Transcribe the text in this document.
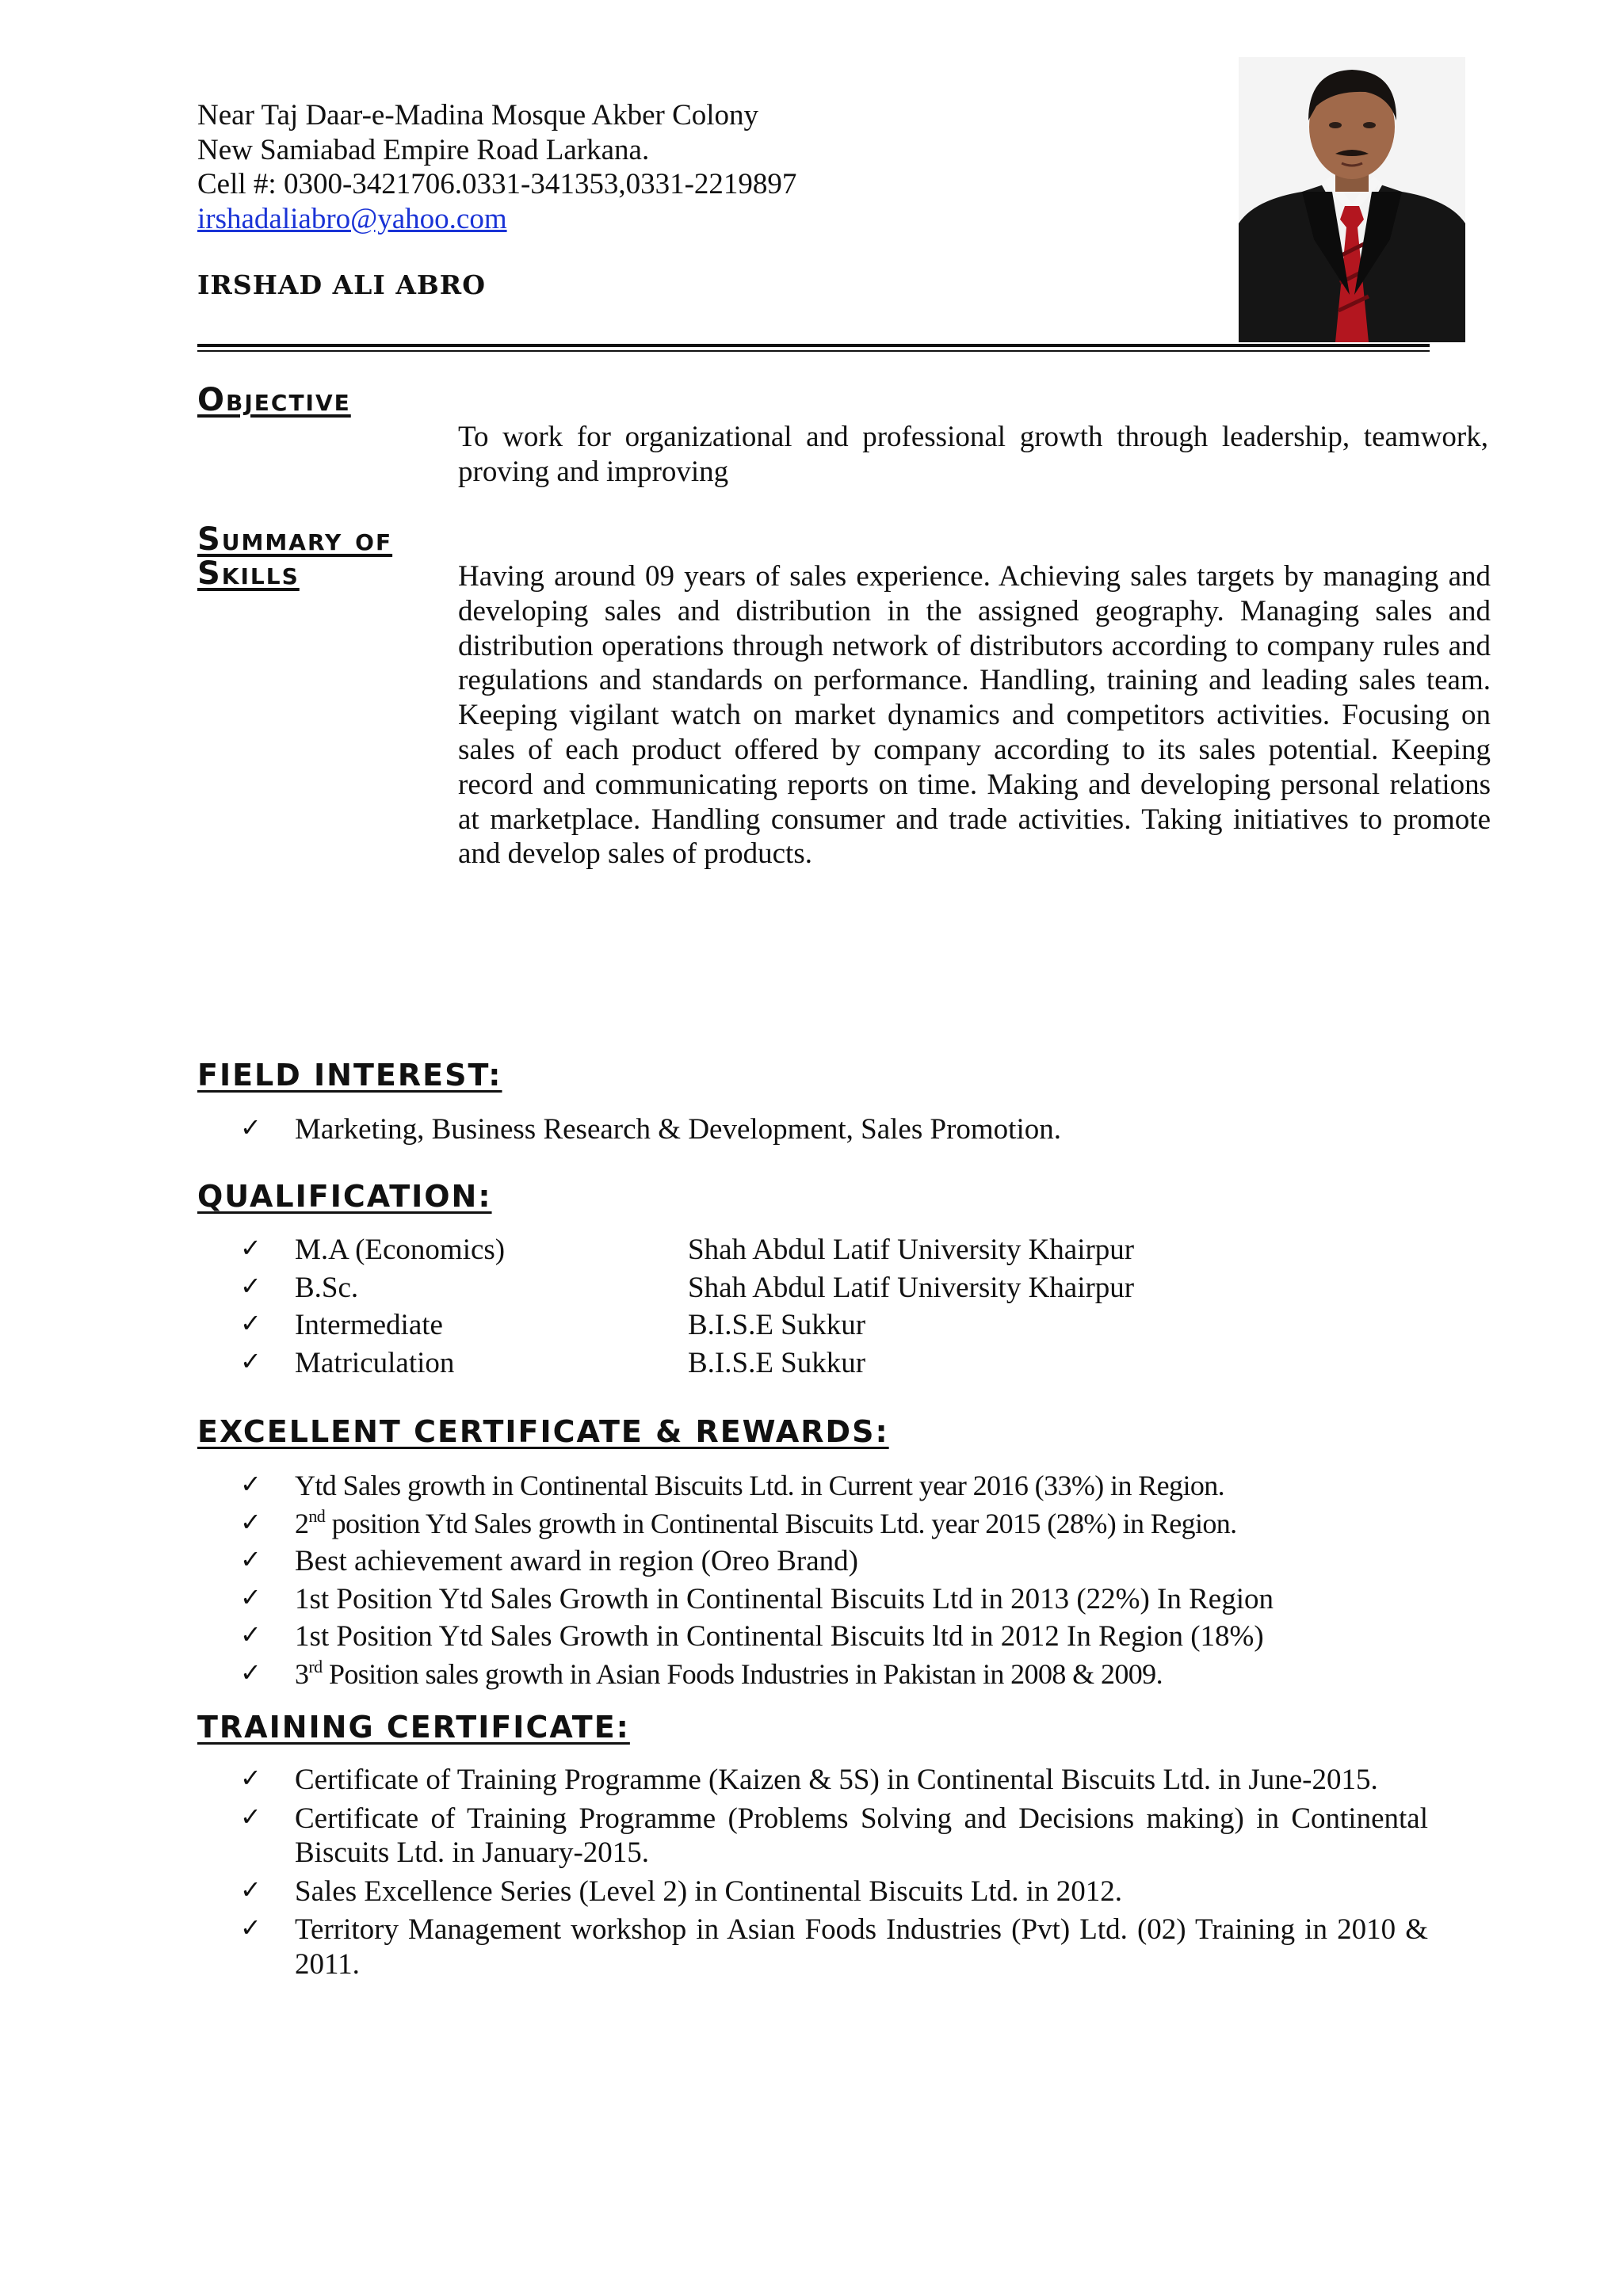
Near Taj Daar-e-Madina Mosque Akber Colony
New Samiabad Empire Road Larkana.
Cell #: 0300-3421706.0331-341353,0331-2219897
irshadaliabro@yahoo.com
IRSHAD ALI ABRO
Objective
To work for organizational and professional growth through leadership, teamwork, proving and improving
Summary of
Skills	Having around 09 years of sales experience. Achieving sales targets by managing and developing sales and distribution in the assigned geography. Managing sales and distribution operations through network of distributors according to company rules and regulations and standards on performance. Handling, training and leading sales team. Keeping vigilant watch on market dynamics and competitors activities. Focusing on sales of each product offered by company according to its sales potential. Keeping record and communicating reports on time. Making and developing personal relations at marketplace. Handling consumer and trade activities. Taking initiatives to promote and develop sales of products.
FIELD INTEREST:
✓ Marketing, Business Research & Development, Sales Promotion.
QUALIFICATION:
✓ M.A (Economics)	Shah Abdul Latif University Khairpur
✓ B.Sc.	Shah Abdul Latif University Khairpur
✓ Intermediate	B.I.S.E Sukkur
✓ Matriculation	B.I.S.E Sukkur
EXCELLENT CERTIFICATE & REWARDS:
✓ Ytd Sales growth in Continental Biscuits Ltd. in Current year 2016 (33%) in Region.
✓ 2nd position Ytd Sales growth in Continental Biscuits Ltd. year 2015 (28%) in Region.
✓ Best achievement award in region (Oreo Brand)
✓ 1st Position Ytd Sales Growth in Continental Biscuits Ltd in 2013 (22%) In Region
✓ 1st Position Ytd Sales Growth in Continental Biscuits ltd in 2012 In Region (18%)
✓ 3rd Position sales growth in Asian Foods Industries in Pakistan in 2008 & 2009.
TRAINING CERTIFICATE:
✓ Certificate of Training Programme (Kaizen & 5S) in Continental Biscuits Ltd. in June-2015.
✓ Certificate of Training Programme (Problems Solving and Decisions making) in Continental Biscuits Ltd. in January-2015.
✓ Sales Excellence Series (Level 2) in Continental Biscuits Ltd. in 2012.
✓ Territory Management workshop in Asian Foods Industries (Pvt) Ltd. (02) Training in 2010 & 2011.
